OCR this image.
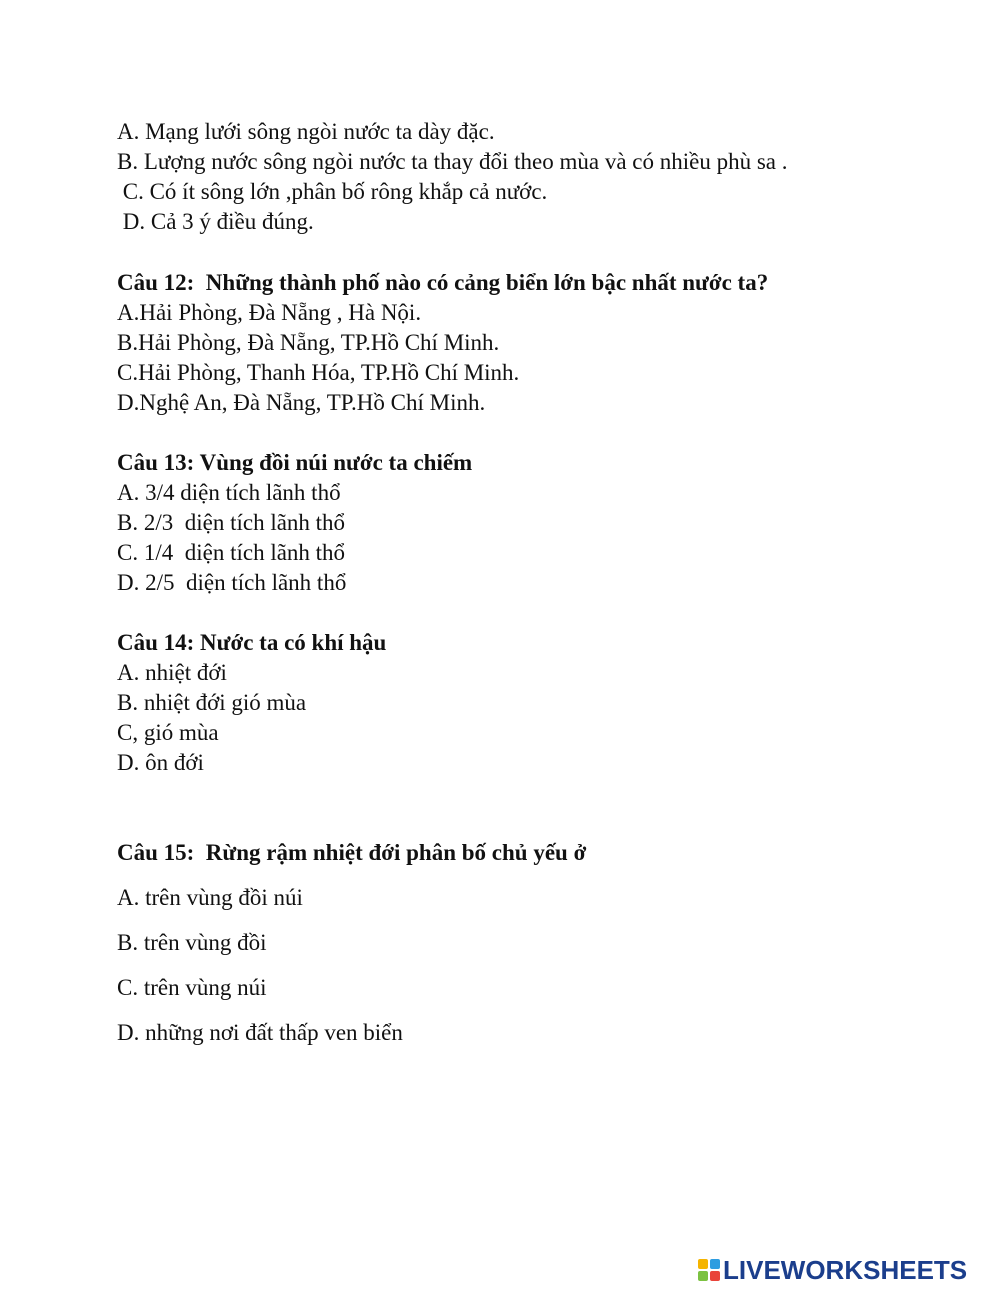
A. Mạng lưới sông ngòi nước ta dày đặc.
B. Lượng nước sông ngòi nước ta thay đổi theo mùa và có nhiều phù sa .
C. Có ít sông lớn ,phân bố rông khắp cả nước.
D. Cả 3 ý điều đúng.
Câu 12:  Những thành phố nào có cảng biển lớn bậc nhất nước ta?
A.Hải Phòng, Đà Nẵng , Hà Nội.
B.Hải Phòng, Đà Nẵng, TP.Hồ Chí Minh.
C.Hải Phòng, Thanh Hóa, TP.Hồ Chí Minh.
D.Nghệ An, Đà Nẵng, TP.Hồ Chí Minh.
Câu 13: Vùng đồi núi nước ta chiếm
A. 3/4 diện tích lãnh thổ
B. 2/3  diện tích lãnh thổ
C. 1/4  diện tích lãnh thổ
D. 2/5  diện tích lãnh thổ
Câu 14: Nước ta có khí hậu
A. nhiệt đới
B. nhiệt đới gió mùa
C, gió mùa
D. ôn đới
Câu 15:  Rừng rậm nhiệt đới phân bố chủ yếu ở
A. trên vùng đồi núi
B. trên vùng đồi
C. trên vùng núi
D. những nơi đất thấp ven biển
LIVEWORKSHEETS
